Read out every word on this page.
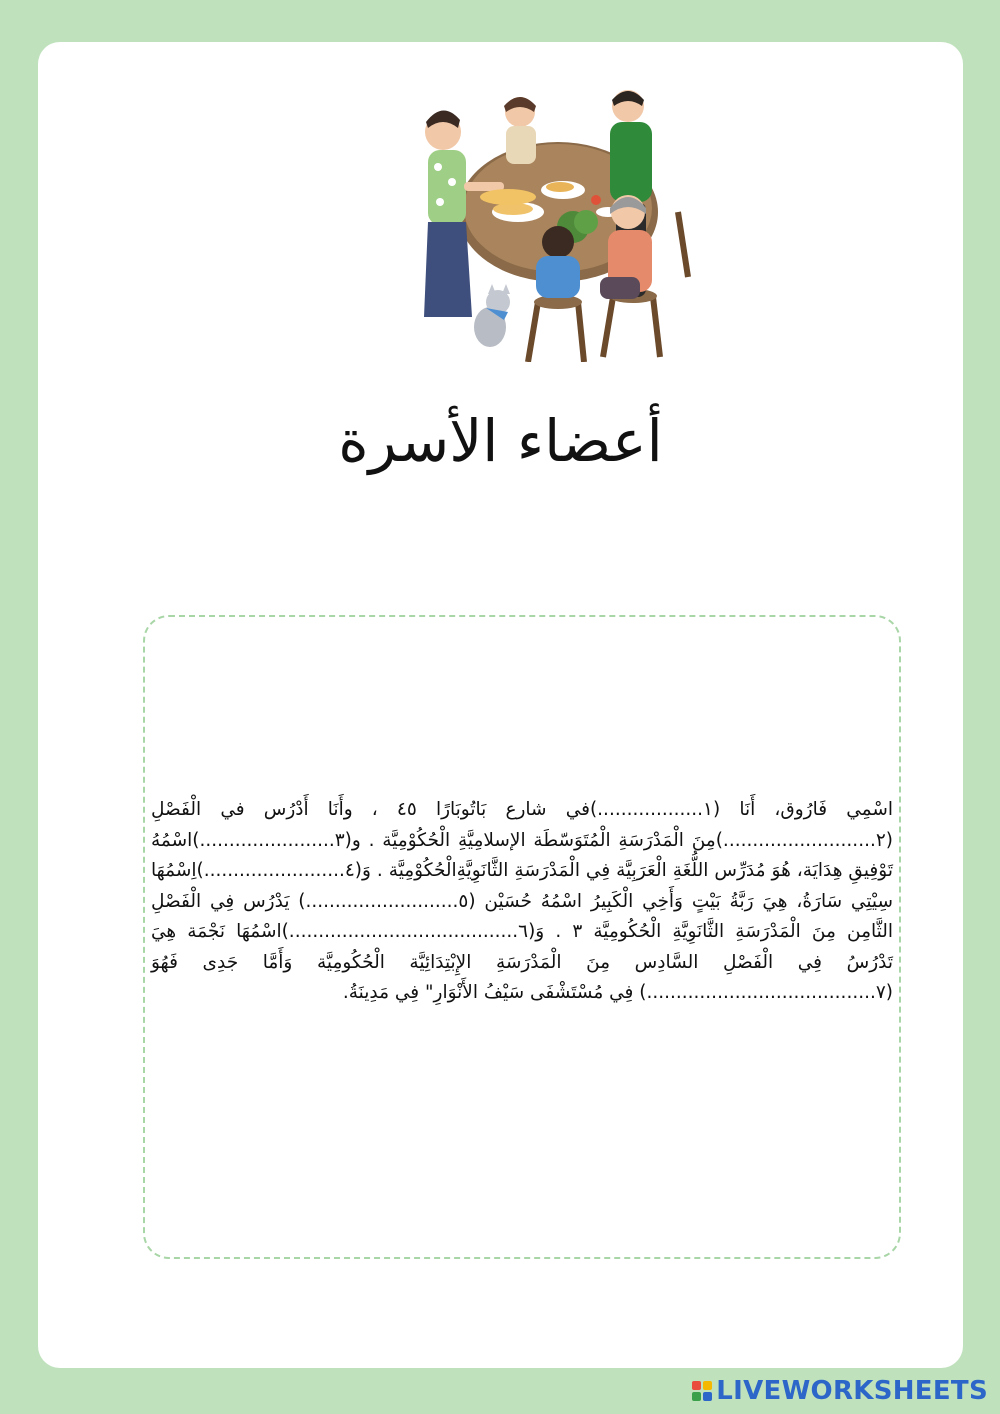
أعضاء الأسرة
اسْمِي فَارُوق، أَنَا (١..................)في شارع بَاتُوبَارًا ٤٥ ، وأَنَا أَدْرُس في الْفَصْلِ (٢..........................)مِنَ الْمَدْرَسَةِ الْمُتَوَسّطَة الإسلامِيَّةِ الْحُكُوْمِيَّة . و(٣.......................)اسْمُهُ تَوْفِيقِ هِدَايَة، هُوَ مُدَرِّس اللُّغَةِ الْعَرَبِيَّة فِي الْمَدْرَسَةِ الثَّانَوِيَّةِالْحُكُوْمِيَّة . وَ(٤........................)اِسْمُهَا سِيْتِي سَارَةُ، هِيَ رَبَّةُ بَيْتٍ وَأَخِي الْكَبِيرُ اسْمُهُ حُسَيْن (٥..........................) يَدْرُس فِي الْفَصْلِ الثَّامِن مِنَ الْمَدْرَسَةِ الثَّانَوِيَّةِ الْحُكُومِيَّة ٣ . وَ(٦.......................................)اسْمُهَا نَجْمَة هِيَ تَدْرُسُ فِي الْفَصْلِ السَّادِس مِنَ الْمَدْرَسَةِ الإِبْتِدَائِيَّة الْحُكُومِيَّة وَأَمَّا جَدِى فَهُوَ (٧.......................................) فِي مُسْتَشْفَى سَيْفُ الأَنْوَارِ" فِي مَدِينَةُ.
LIVEWORKSHEETS
